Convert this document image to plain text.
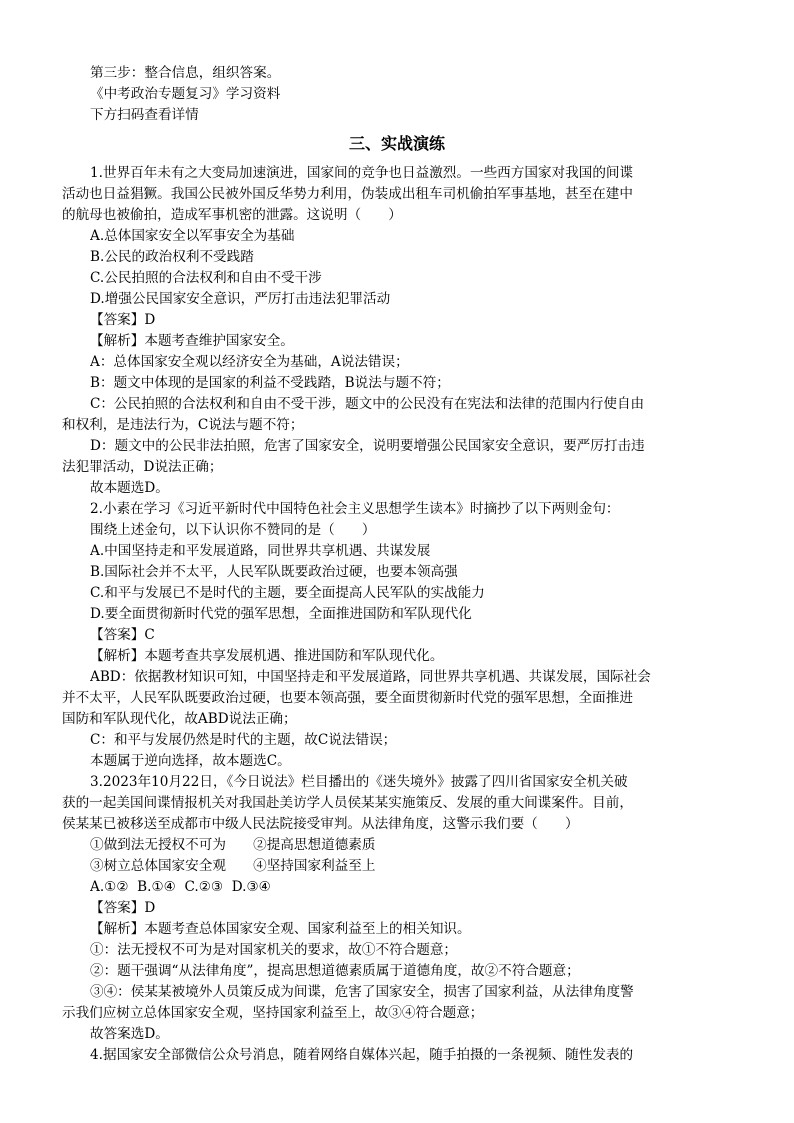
第三步：整合信息，组织答案。
《中考政治专题复习》学习资料
下方扫码查看详情
三、实战演练
1.世界百年未有之大变局加速演进，国家间的竞争也日益激烈。一些西方国家对我国的间谍
活动也日益猖獗。我国公民被外国反华势力利用，伪装成出租车司机偷拍军事基地，甚至在建中
的航母也被偷拍，造成军事机密的泄露。这说明（　　）
A.总体国家安全以军事安全为基础
B.公民的政治权利不受践踏
C.公民拍照的合法权利和自由不受干涉
D.增强公民国家安全意识，严厉打击违法犯罪活动
【答案】D
【解析】本题考查维护国家安全。
A：总体国家安全观以经济安全为基础，A说法错误；
B：题文中体现的是国家的利益不受践踏，B说法与题不符；
C：公民拍照的合法权利和自由不受干涉，题文中的公民没有在宪法和法律的范围内行使自由
和权利，是违法行为，C说法与题不符；
D：题文中的公民非法拍照，危害了国家安全，说明要增强公民国家安全意识，要严厉打击违
法犯罪活动，D说法正确；
故本题选D。
2.小素在学习《习近平新时代中国特色社会主义思想学生读本》时摘抄了以下两则金句：
围绕上述金句，以下认识你不赞同的是（　　）
A.中国坚持走和平发展道路，同世界共享机遇、共谋发展
B.国际社会并不太平，人民军队既要政治过硬，也要本领高强
C.和平与发展已不是时代的主题，要全面提高人民军队的实战能力
D.要全面贯彻新时代党的强军思想，全面推进国防和军队现代化
【答案】C
【解析】本题考查共享发展机遇、推进国防和军队现代化。
ABD：依据教材知识可知，中国坚持走和平发展道路，同世界共享机遇、共谋发展，国际社会
并不太平，人民军队既要政治过硬，也要本领高强，要全面贯彻新时代党的强军思想，全面推进
国防和军队现代化，故ABD说法正确；
C：和平与发展仍然是时代的主题，故C说法错误；
本题属于逆向选择，故本题选C。
3.2023年10月22日，《今日说法》栏目播出的《迷失境外》披露了四川省国家安全机关破
获的一起美国间谍情报机关对我国赴美访学人员侯某某实施策反、发展的重大间谍案件。目前，
侯某某已被移送至成都市中级人民法院接受审判。从法律角度，这警示我们要（　　）
①做到法无授权不可为　　②提高思想道德素质
③树立总体国家安全观　　④坚持国家利益至上
A.①②  B.①④  C.②③  D.③④
【答案】D
【解析】本题考查总体国家安全观、国家利益至上的相关知识。
①：法无授权不可为是对国家机关的要求，故①不符合题意；
②：题干强调“从法律角度”，提高思想道德素质属于道德角度，故②不符合题意；
③④：侯某某被境外人员策反成为间谍，危害了国家安全，损害了国家利益，从法律角度警
示我们应树立总体国家安全观，坚持国家利益至上，故③④符合题意；
故答案选D。
4.据国家安全部微信公众号消息，随着网络自媒体兴起，随手拍摄的一条视频、随性发表的
